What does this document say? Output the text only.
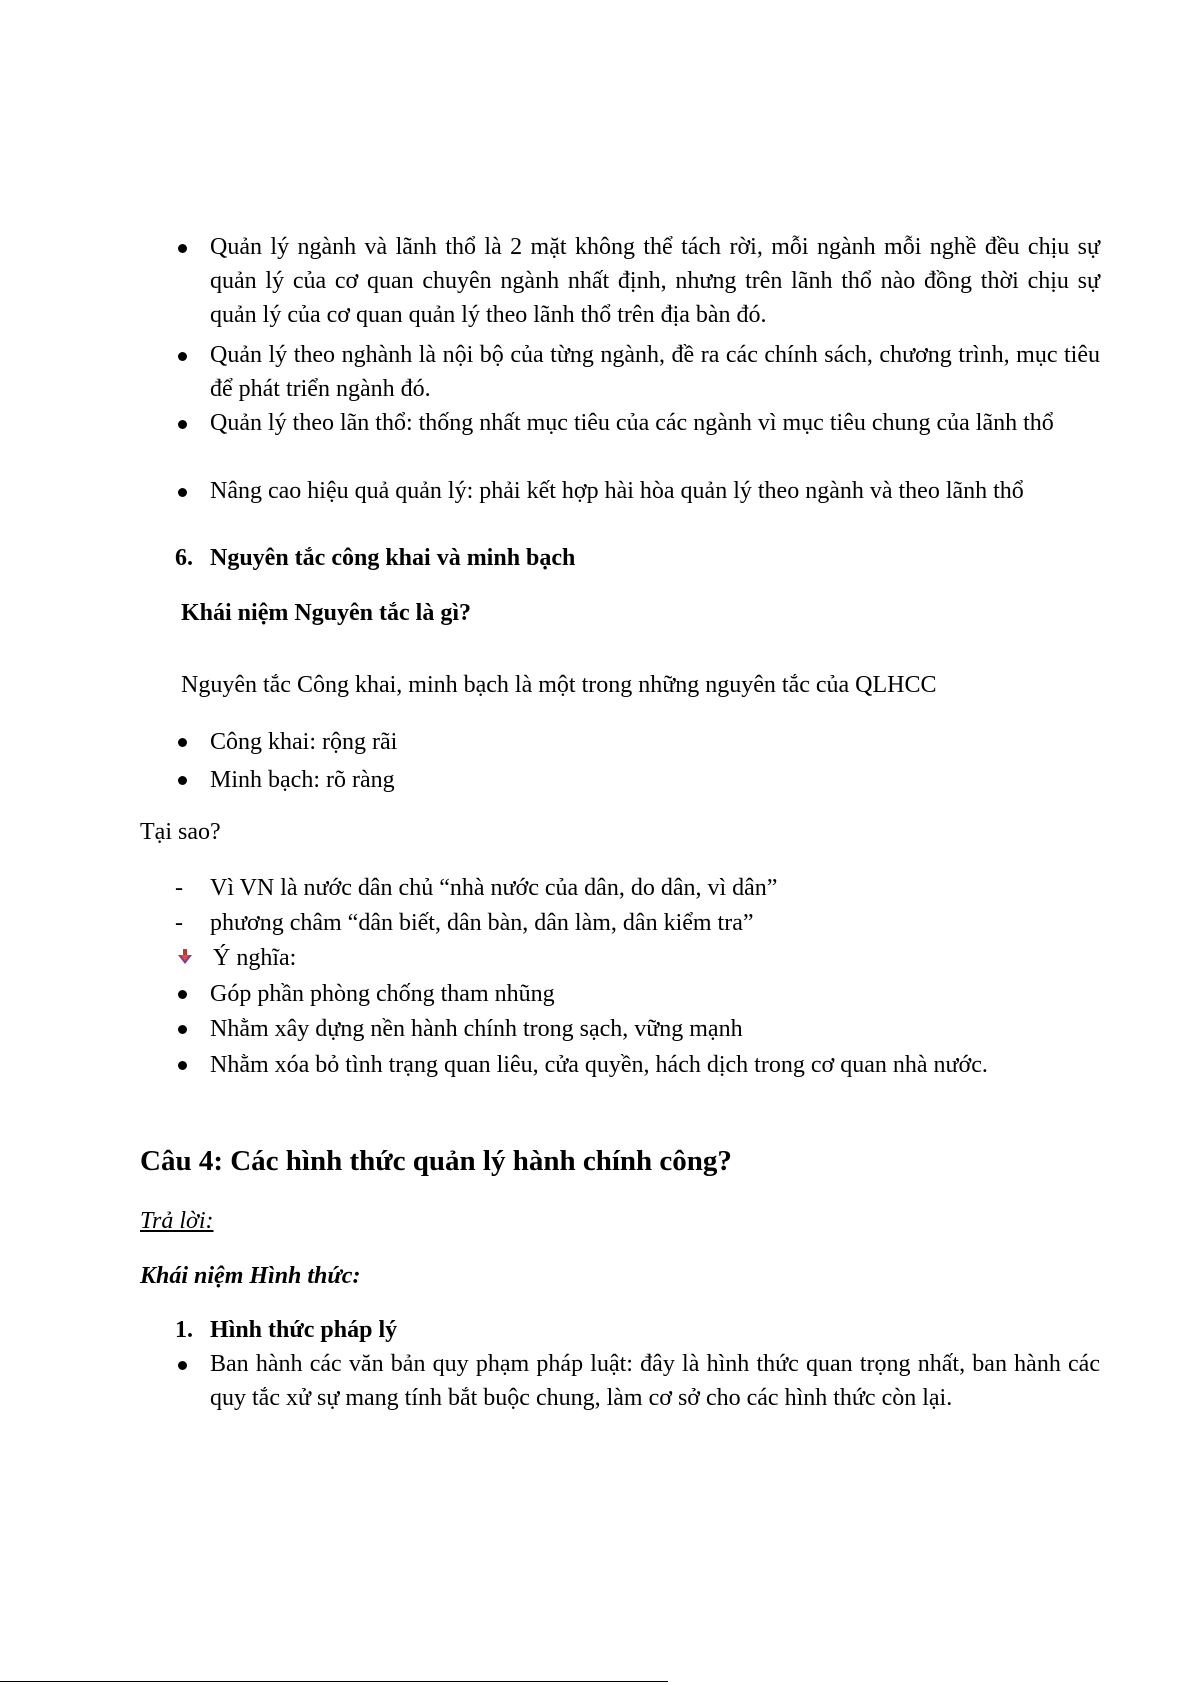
Quản lý ngành và lãnh thổ là 2 mặt không thể tách rời, mỗi ngành mỗi nghề đều chịu sự quản lý của cơ quan chuyên ngành nhất định, nhưng trên lãnh thổ nào đồng thời chịu sự quản lý của cơ quan quản lý theo lãnh thổ trên địa bàn đó.
Quản lý theo nghành là nội bộ của từng ngành, đề ra các chính sách, chương trình, mục tiêu để phát triển ngành đó.
Quản lý theo lãn thổ: thống nhất mục tiêu của các ngành vì mục tiêu chung của lãnh thổ
Nâng cao hiệu quả quản lý: phải kết hợp hài hòa quản lý theo ngành và theo lãnh thổ
6. Nguyên tắc công khai và minh bạch
Khái niệm Nguyên tắc là gì?
Nguyên tắc Công khai, minh bạch là một trong những nguyên tắc của QLHCC
Công khai: rộng rãi
Minh bạch: rõ ràng
Tại sao?
- Vì VN là nước dân chủ “nhà nước của dân, do dân, vì dân”
- phương châm “dân biết, dân bàn, dân làm, dân kiểm tra”
Ý nghĩa:
Góp phần phòng chống tham nhũng
Nhằm xây dựng nền hành chính trong sạch, vững mạnh
Nhằm xóa bỏ tình trạng quan liêu, cửa quyền, hách dịch trong cơ quan nhà nước.
Câu 4: Các hình thức quản lý hành chính công?
Trả lời:
Khái niệm Hình thức:
1. Hình thức pháp lý
Ban hành các văn bản quy phạm pháp luật: đây là hình thức quan trọng nhất, ban hành các quy tắc xử sự mang tính bắt buộc chung, làm cơ sở cho các hình thức còn lại.
